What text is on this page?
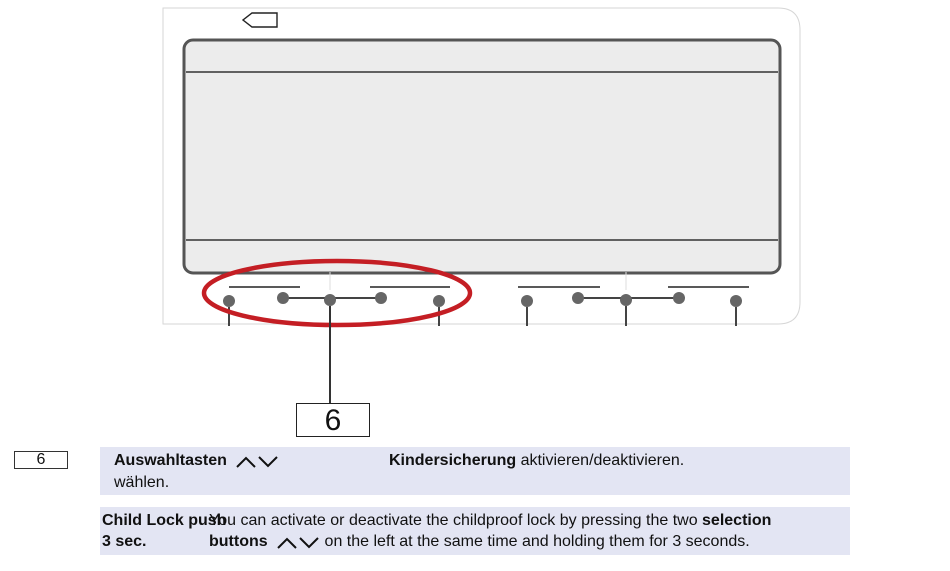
6
6	Auswahltasten
wählen.
Kindersicherung aktivieren/deaktivieren.
Child Lock push
3 sec.
You can activate or deactivate the childproof lock by pressing the two selection
buttons	on the left at the same time and holding them for 3 seconds.
